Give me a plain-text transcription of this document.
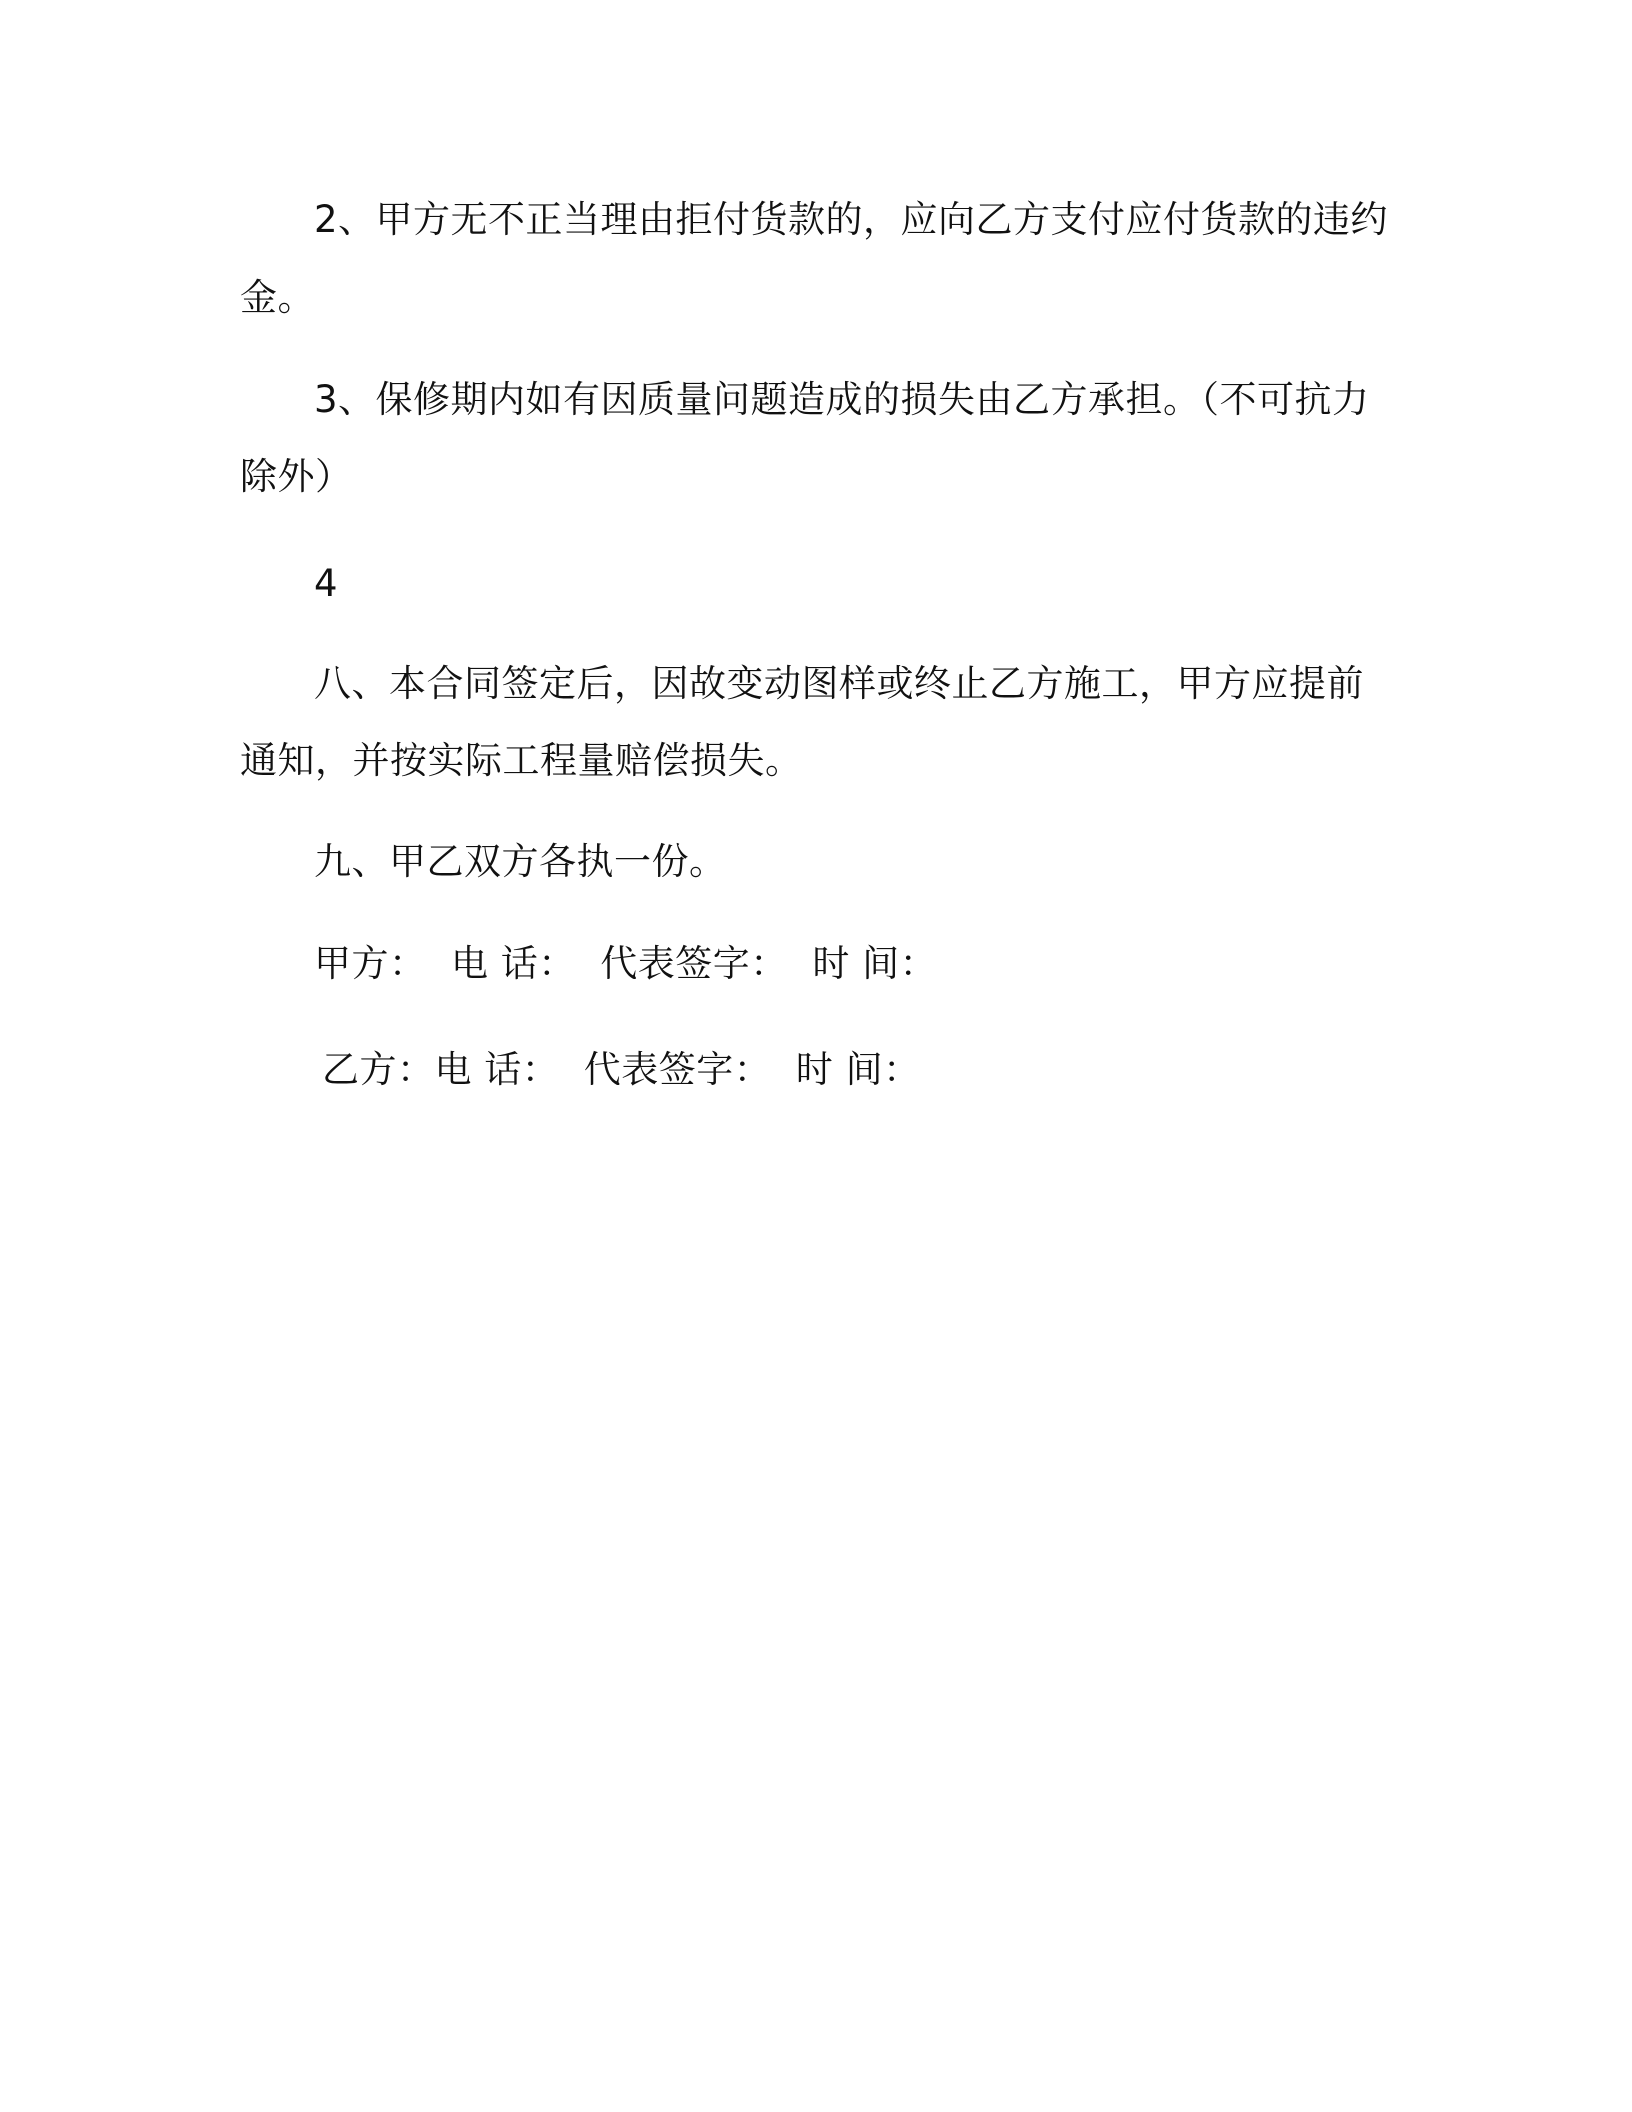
2、甲方无不正当理由拒付货款的，应向乙方支付应付货款的违约
金。
3、保修期内如有因质量问题造成的损失由乙方承担。（不可抗力
除外）
4
八、本合同签定后，因故变动图样或终止乙方施工，甲方应提前
通知，并按实际工程量赔偿损失。
九、甲乙双方各执一份。
甲方：  电 话：  代表签字：  时 间：
乙方：电 话：  代表签字：  时 间：
